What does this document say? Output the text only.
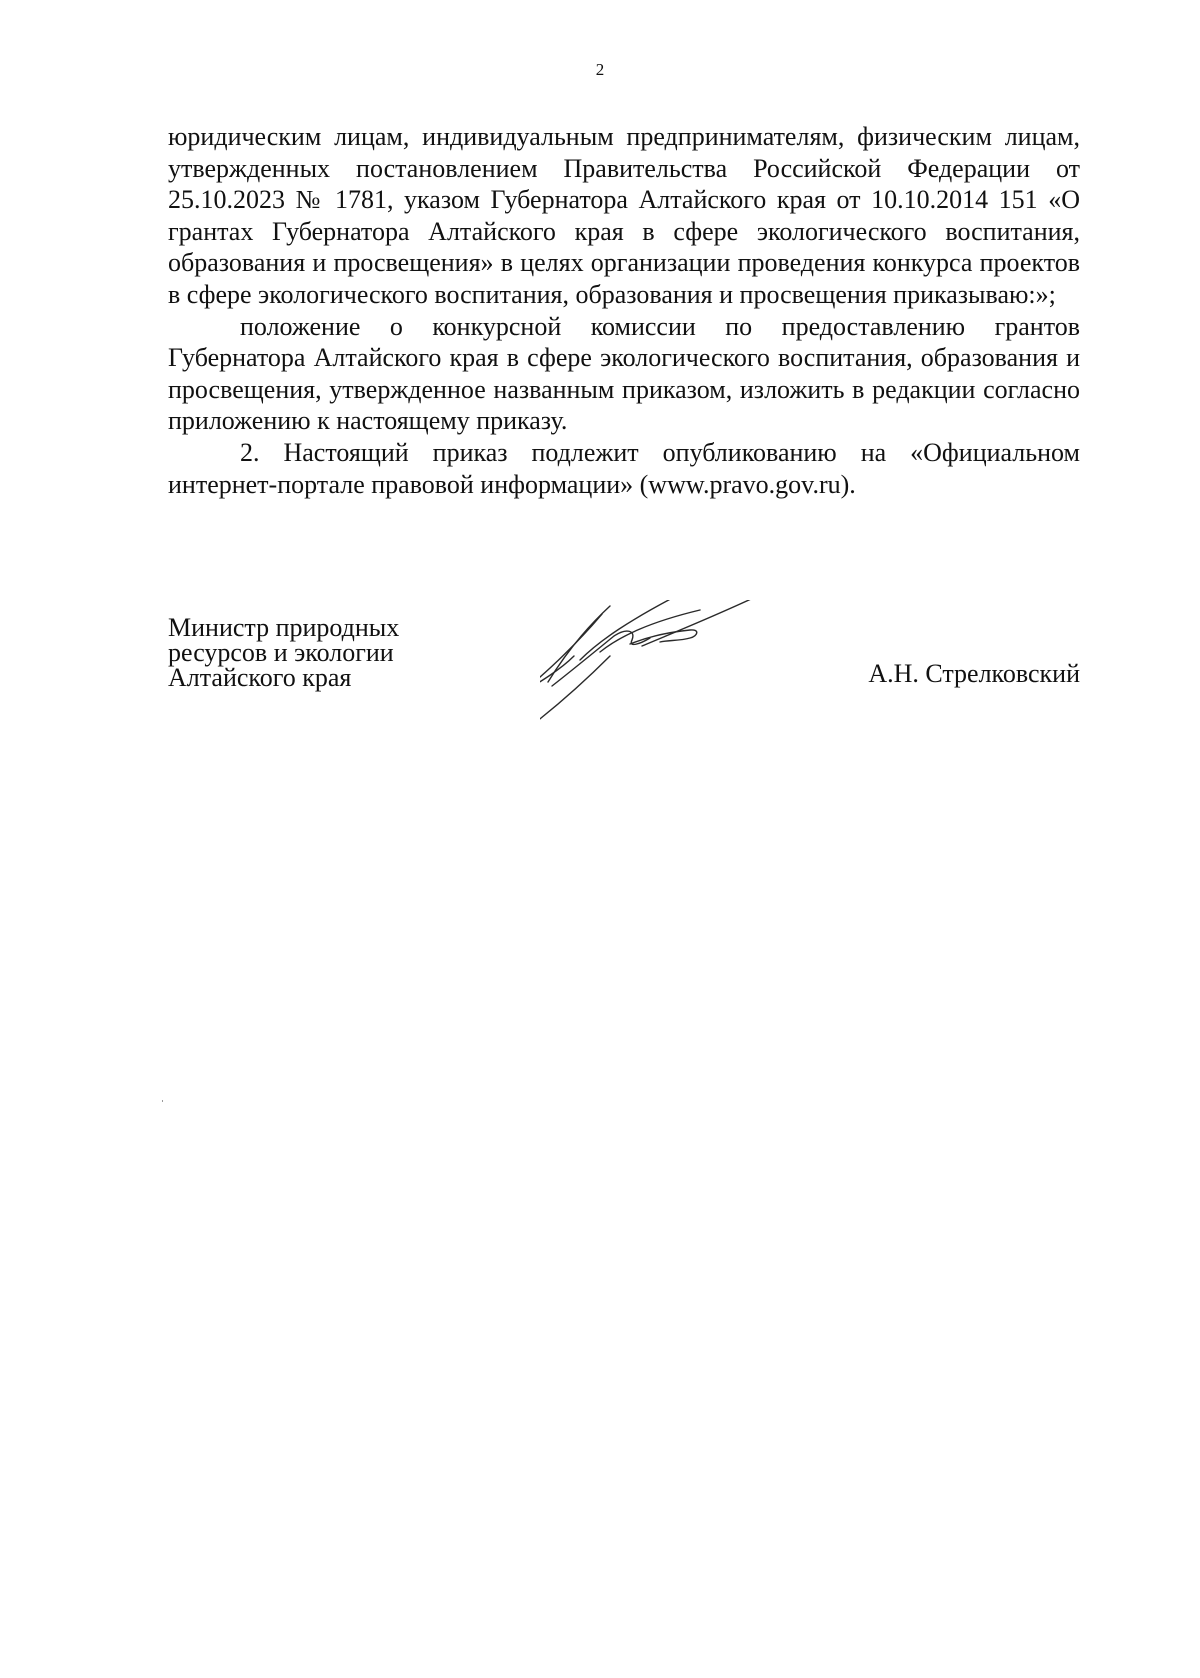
2

юридическим лицам, индивидуальным предпринимателям, физическим лицам, утвержденных постановлением Правительства Российской Федерации от 25.10.2023 № 1781, указом Губернатора Алтайского края от 10.10.2014 151 «О грантах Губернатора Алтайского края в сфере экологического воспитания, образования и просвещения» в целях организации проведения конкурса проектов в сфере экологического воспитания, образования и просвещения приказываю:»;

положение о конкурсной комиссии по предоставлению грантов Губернатора Алтайского края в сфере экологического воспитания, образования и просвещения, утвержденное названным приказом, изложить в редакции согласно приложению к настоящему приказу.

2. Настоящий приказ подлежит опубликованию на «Официальном интернет-портале правовой информации» (www.pravo.gov.ru).

Министр природных
ресурсов и экологии
Алтайского края	А.Н. Стрелковский
